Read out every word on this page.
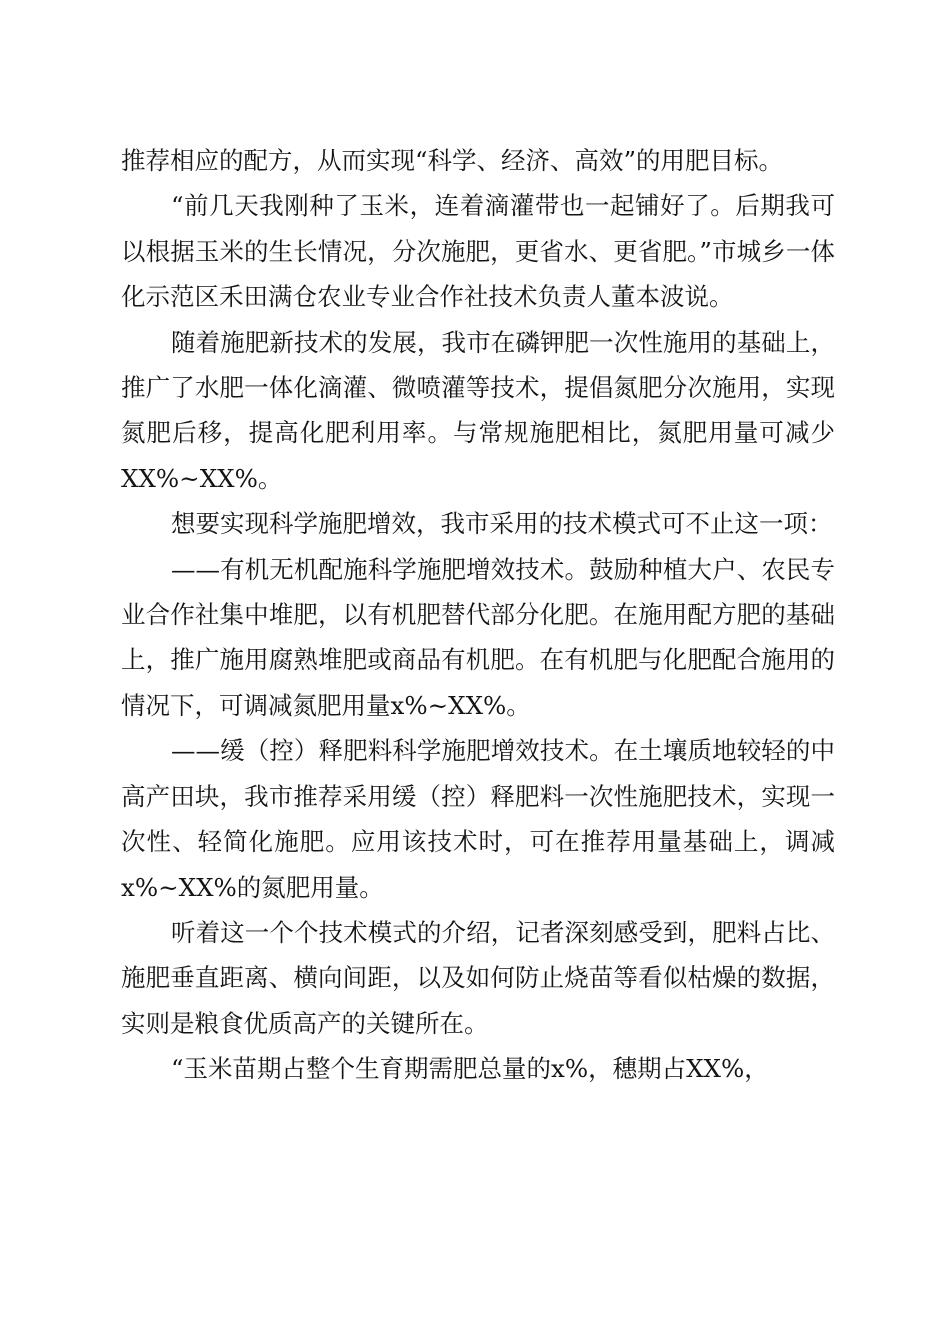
推荐相应的配方，从而实现“科学、经济、高效”的用肥目标。

“前几天我刚种了玉米，连着滴灌带也一起铺好了。后期我可以根据玉米的生长情况，分次施肥，更省水、更省肥。”市城乡一体化示范区禾田满仓农业专业合作社技术负责人董本波说。

随着施肥新技术的发展，我市在磷钾肥一次性施用的基础上，推广了水肥一体化滴灌、微喷灌等技术，提倡氮肥分次施用，实现氮肥后移，提高化肥利用率。与常规施肥相比，氮肥用量可减少XX%~XX%。

想要实现科学施肥增效，我市采用的技术模式可不止这一项：

——有机无机配施科学施肥增效技术。鼓励种植大户、农民专业合作社集中堆肥，以有机肥替代部分化肥。在施用配方肥的基础上，推广施用腐熟堆肥或商品有机肥。在有机肥与化肥配合施用的情况下，可调减氮肥用量x%~XX%。

——缓（控）释肥料科学施肥增效技术。在土壤质地较轻的中高产田块，我市推荐采用缓（控）释肥料一次性施肥技术，实现一次性、轻简化施肥。应用该技术时，可在推荐用量基础上，调减x%~XX%的氮肥用量。

听着这一个个技术模式的介绍，记者深刻感受到，肥料占比、施肥垂直距离、横向间距，以及如何防止烧苗等看似枯燥的数据，实则是粮食优质高产的关键所在。

“玉米苗期占整个生育期需肥总量的x%，穗期占XX%，
